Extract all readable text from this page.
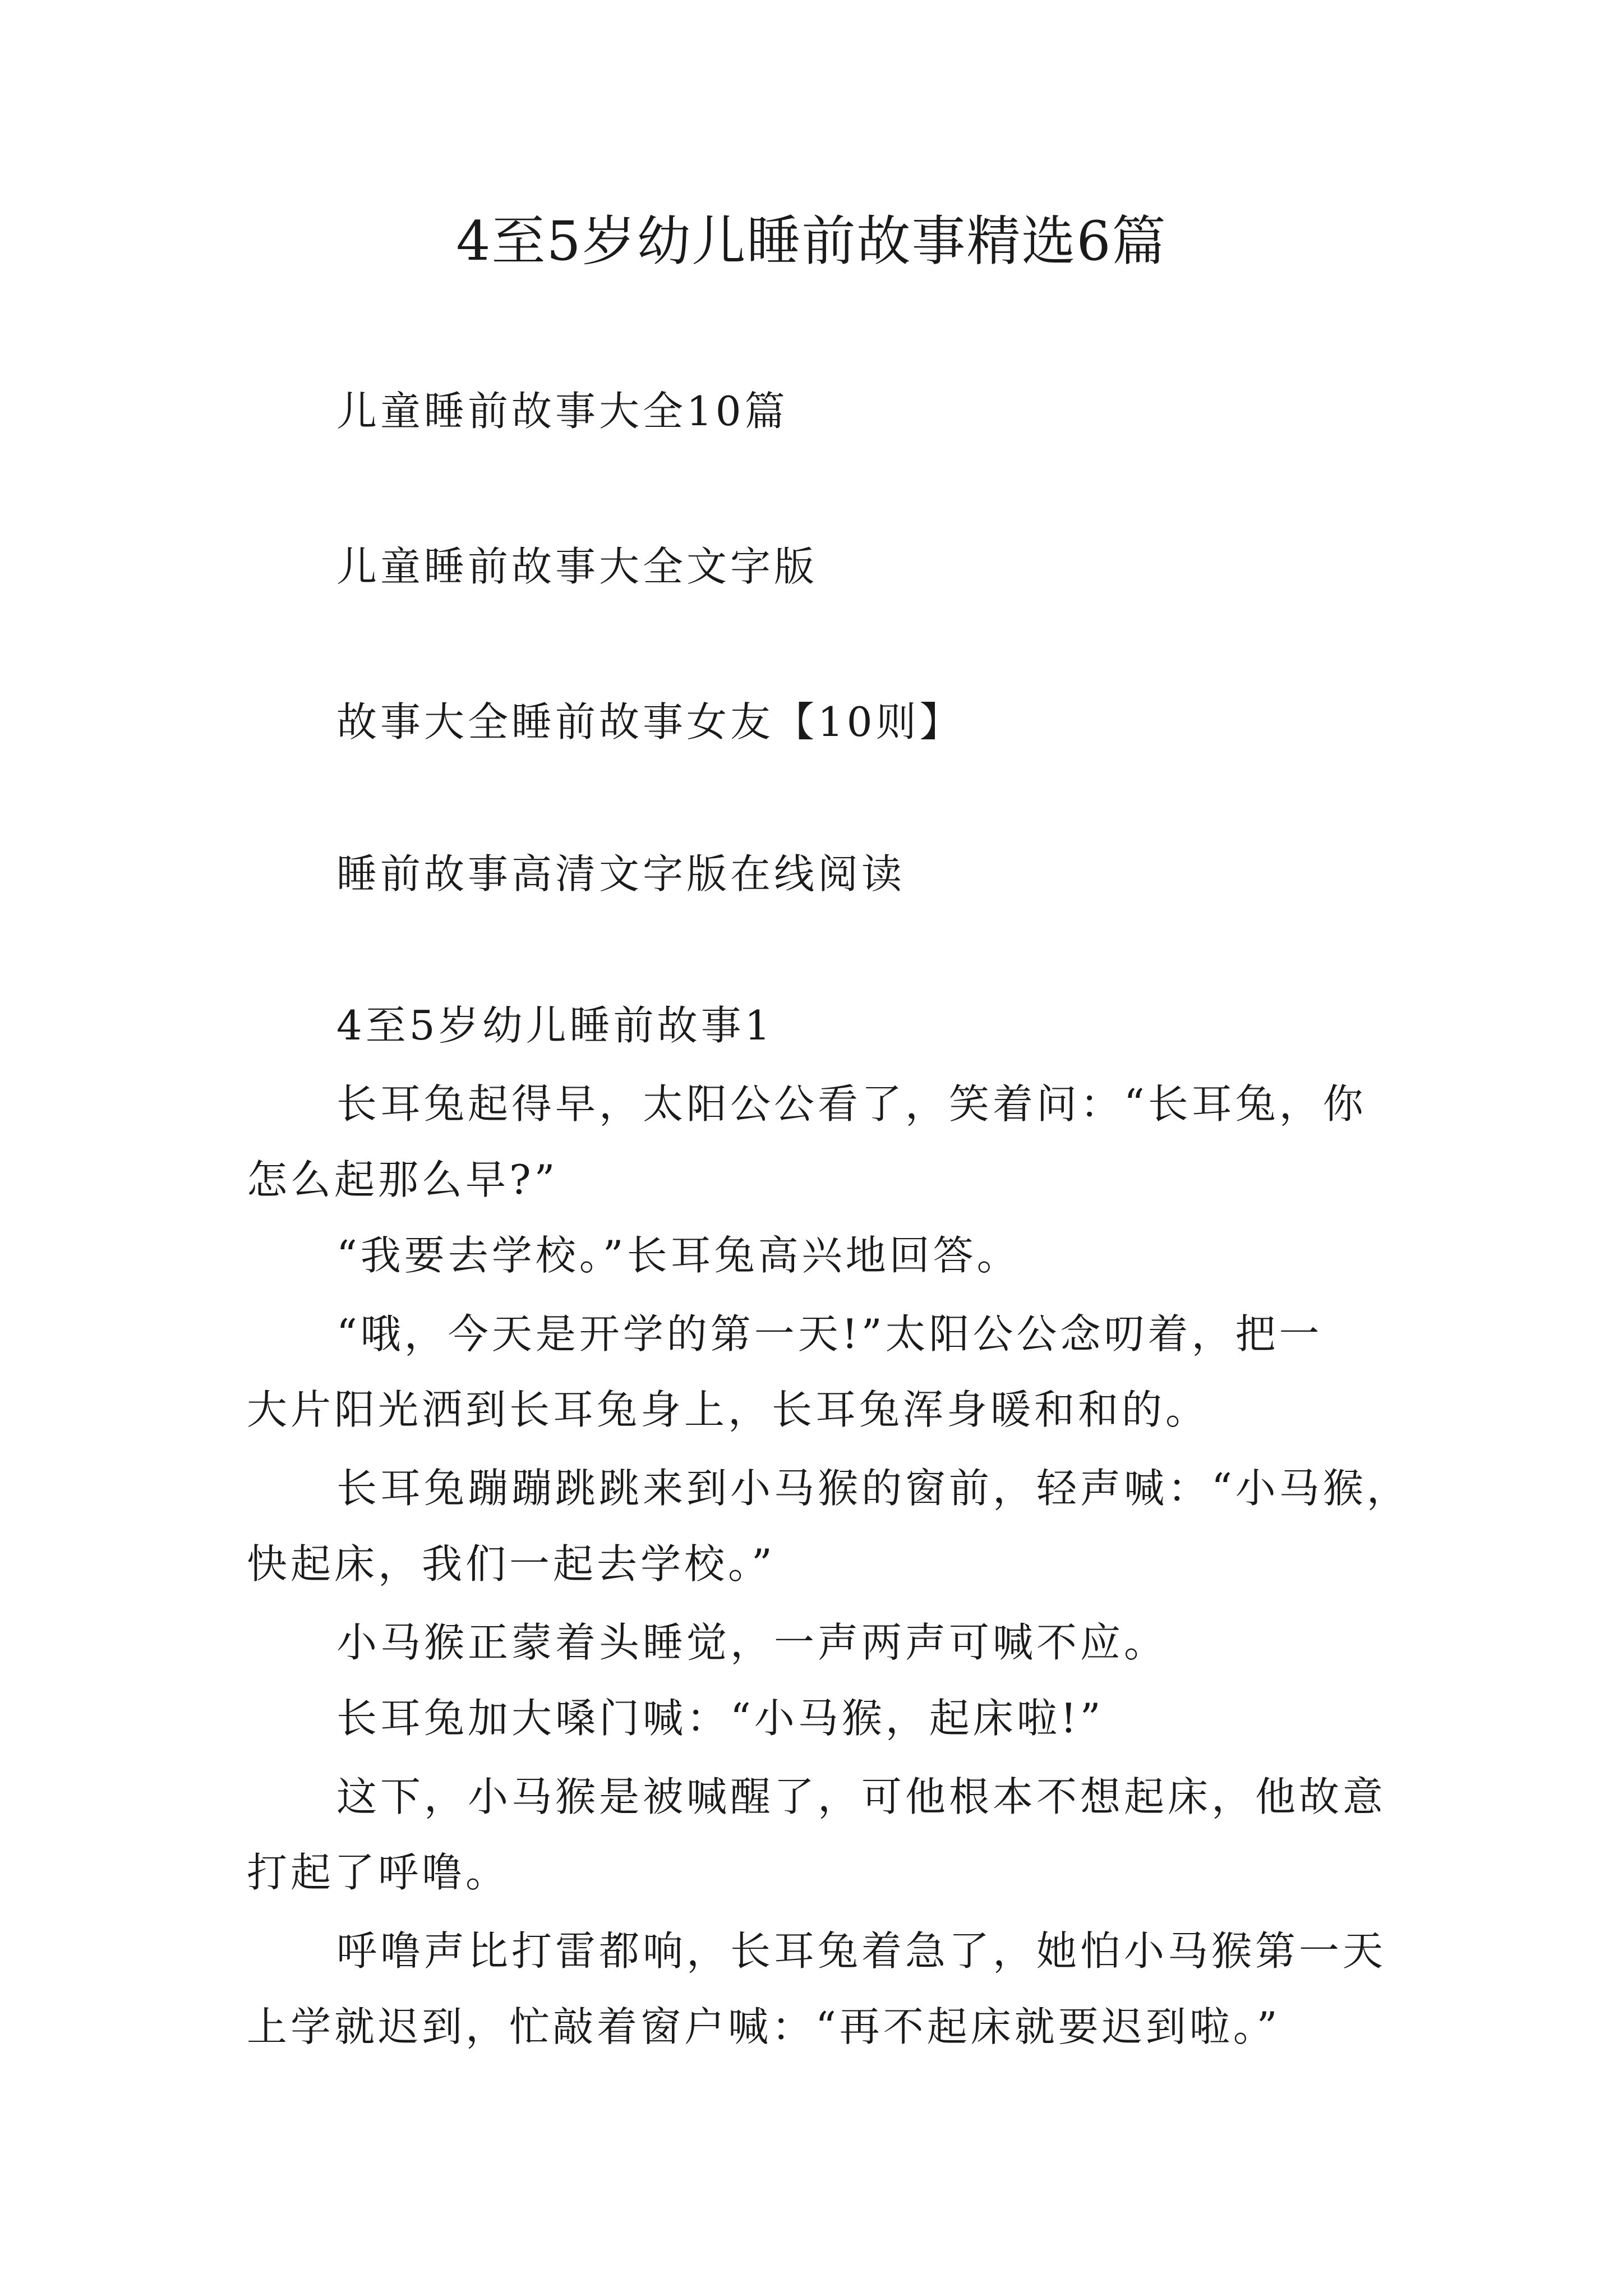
4至5岁幼儿睡前故事精选6篇
儿童睡前故事大全10篇
儿童睡前故事大全文字版
故事大全睡前故事女友【10则】
睡前故事高清文字版在线阅读
4至5岁幼儿睡前故事1
长耳兔起得早，太阳公公看了，笑着问：“长耳兔，你
怎么起那么早?”
“我要去学校。”长耳兔高兴地回答。
“哦，今天是开学的第一天!”太阳公公念叨着，把一
大片阳光洒到长耳兔身上，长耳兔浑身暖和和的。
长耳兔蹦蹦跳跳来到小马猴的窗前，轻声喊：“小马猴，
快起床，我们一起去学校。”
小马猴正蒙着头睡觉，一声两声可喊不应。
长耳兔加大嗓门喊：“小马猴，起床啦!”
这下，小马猴是被喊醒了，可他根本不想起床，他故意
打起了呼噜。
呼噜声比打雷都响，长耳兔着急了，她怕小马猴第一天
上学就迟到，忙敲着窗户喊：“再不起床就要迟到啦。”
